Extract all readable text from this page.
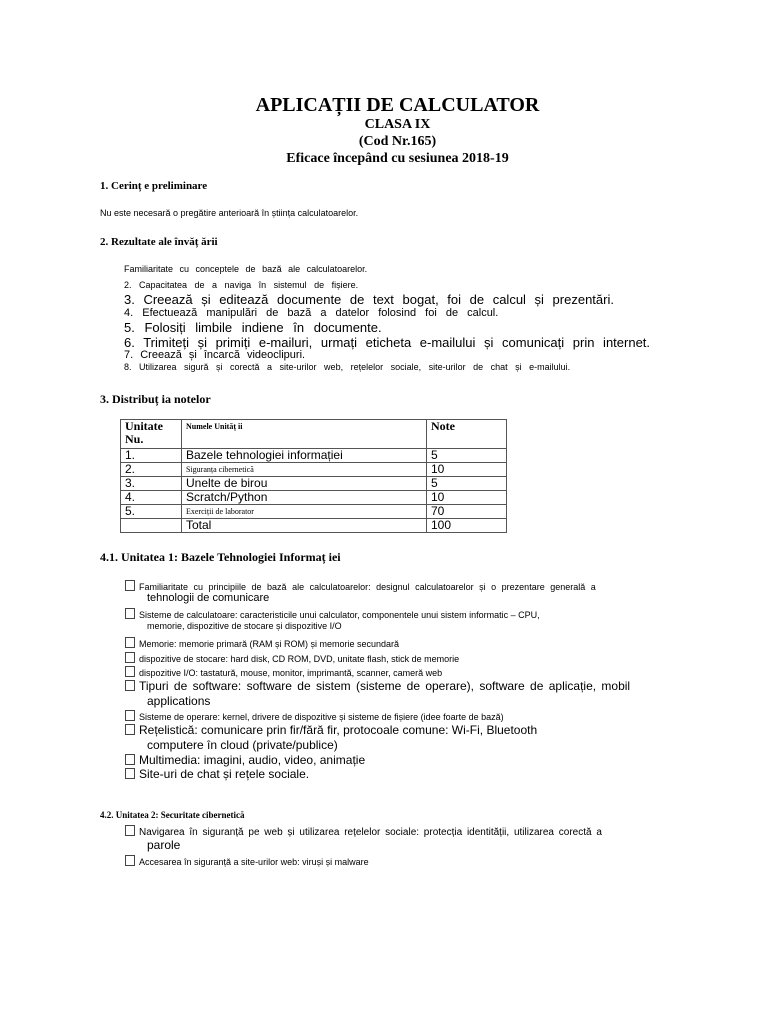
APLICAȚII DE CALCULATOR
CLASA IX
(Cod Nr.165)
Eficace începând cu sesiunea 2018-19
1. Cerinț e preliminare
Nu este necesară o pregătire anterioară în știința calculatoarelor.
2. Rezultate ale învăț ării
Familiaritate cu conceptele de bază ale calculatoarelor.
2. Capacitatea de a naviga în sistemul de fișiere.
3. Creează și editează documente de text bogat, foi de calcul și prezentări.
4. Efectuează manipulări de bază a datelor folosind foi de calcul.
5. Folosiți limbile indiene în documente.
6. Trimiteți și primiți e-mailuri, urmați eticheta e-mailului și comunicați prin internet.
7. Creează și încarcă videoclipuri.
8. Utilizarea sigură și corectă a site-urilor web, rețelelor sociale, site-urilor de chat și e-mailului.
3. Distribuț ia notelor
Unitate Nu.	Numele Unităț ii	Note
1.	Bazele tehnologiei informației	5
2.	Siguranța cibernetică	10
3.	Unelte de birou	5
4.	Scratch/Python	10
5.	Exerciții de laborator	70
	Total	100
4.1. Unitatea 1: Bazele Tehnologiei Informaț iei
Familiaritate cu principiile de bază ale calculatoarelor: designul calculatoarelor și o prezentare generală a
tehnologii de comunicare
Sisteme de calculatoare: caracteristicile unui calculator, componentele unui sistem informatic – CPU,
memorie, dispozitive de stocare și dispozitive I/O
Memorie: memorie primară (RAM și ROM) și memorie secundară
dispozitive de stocare: hard disk, CD ROM, DVD, unitate flash, stick de memorie
dispozitive I/O: tastatură, mouse, monitor, imprimantă, scanner, cameră web
Tipuri de software: software de sistem (sisteme de operare), software de aplicație, mobil
applications
Sisteme de operare: kernel, drivere de dispozitive și sisteme de fișiere (idee foarte de bază)
Rețelistică: comunicare prin fir/fără fir, protocoale comune: Wi-Fi, Bluetooth
computere în cloud (private/publice)
Multimedia: imagini, audio, video, animație
Site-uri de chat și rețele sociale.
4.2. Unitatea 2: Securitate cibernetică
Navigarea în siguranță pe web și utilizarea rețelelor sociale: protecția identității, utilizarea corectă a
parole
Accesarea în siguranță a site-urilor web: viruși și malware
